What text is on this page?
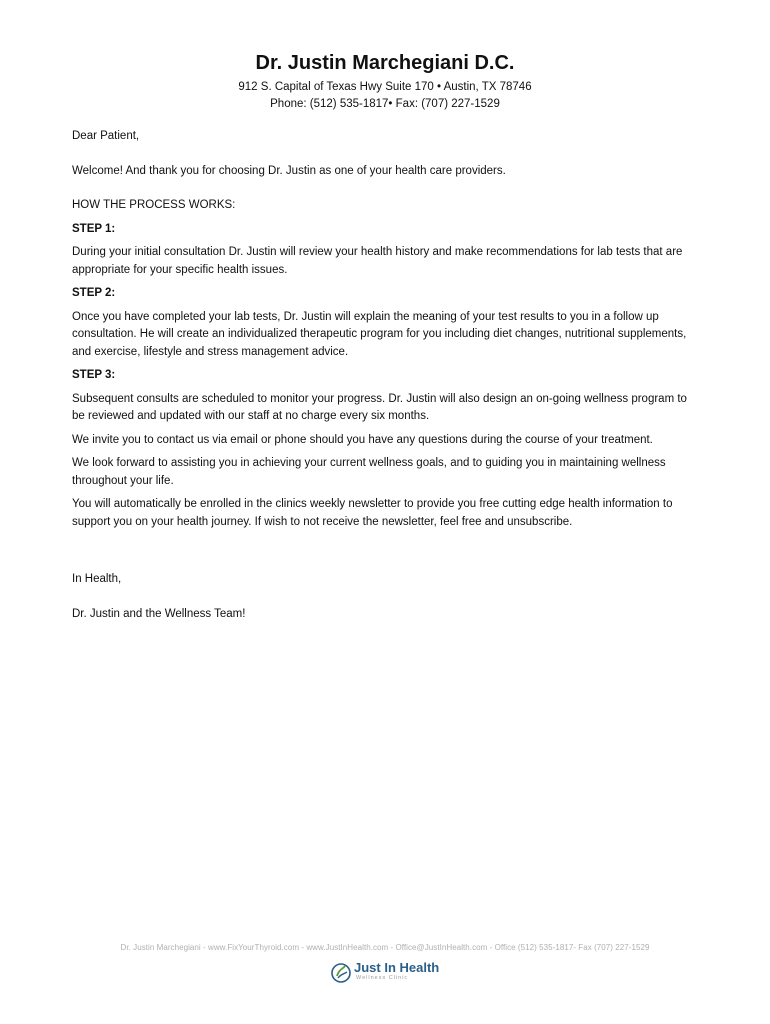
Dr. Justin Marchegiani D.C.

912 S. Capital of Texas Hwy Suite 170 • Austin, TX 78746

Phone: (512) 535-1817• Fax: (707) 227-1529

Dear Patient,

Welcome! And thank you for choosing Dr. Justin as one of your health care providers.

HOW THE PROCESS WORKS:

STEP 1:

During your initial consultation Dr. Justin will review your health history and make recommendations for lab tests that are appropriate for your specific health issues.

STEP 2:

Once you have completed your lab tests, Dr. Justin will explain the meaning of your test results to you in a follow up consultation. He will create an individualized therapeutic program for you including diet changes, nutritional supplements, and exercise, lifestyle and stress management advice.

STEP 3:

Subsequent consults are scheduled to monitor your progress. Dr. Justin will also design an on-going wellness program to be reviewed and updated with our staff at no charge every six months.

We invite you to contact us via email or phone should you have any questions during the course of your treatment.

We look forward to assisting you in achieving your current wellness goals, and to guiding you in maintaining wellness throughout your life.

You will automatically be enrolled in the clinics weekly newsletter to provide you free cutting edge health information to support you on your health journey. If wish to not receive the newsletter, feel free and unsubscribe.

In Health,

Dr. Justin and the Wellness Team!

Dr. Justin Marchegiani - www.FixYourThyroid.com - www.JustInHealth.com - Office@JustInHealth.com - Office (512) 535-1817- Fax (707) 227-1529
Just In Health
Wellness Clinic
